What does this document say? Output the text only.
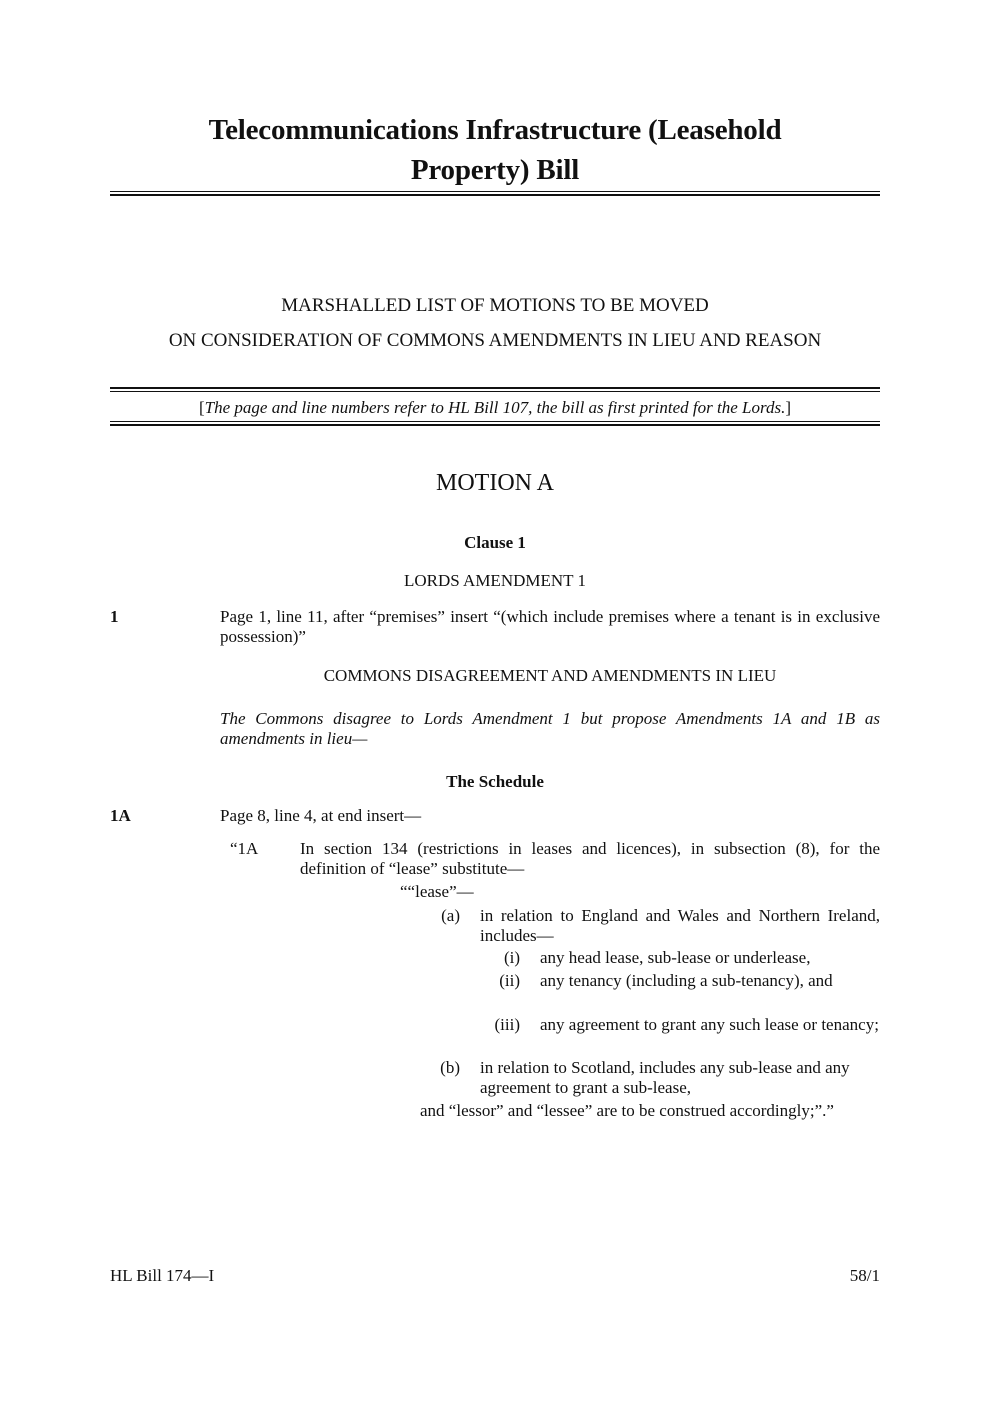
Telecommunications Infrastructure (Leasehold
Property) Bill
MARSHALLED LIST OF MOTIONS TO BE MOVED
ON CONSIDERATION OF COMMONS AMENDMENTS IN LIEU AND REASON
[The page and line numbers refer to HL Bill 107, the bill as first printed for the Lords.]
MOTION A
Clause 1
LORDS AMENDMENT 1
1	Page 1, line 11, after “premises” insert “(which include premises where a tenant is in exclusive possession)”
COMMONS DISAGREEMENT AND AMENDMENTS IN LIEU
The Commons disagree to Lords Amendment 1 but propose Amendments 1A and 1B as amendments in lieu—
The Schedule
1A	Page 8, line 4, at end insert—
“1A	In section 134 (restrictions in leases and licences), in subsection (8), for the definition of “lease” substitute—
““lease”—
(a) in relation to England and Wales and Northern Ireland, includes—
(i) any head lease, sub-lease or underlease,
(ii) any tenancy (including a sub-tenancy), and
(iii) any agreement to grant any such lease or tenancy;
(b) in relation to Scotland, includes any sub-lease and any agreement to grant a sub-lease,
and “lessor” and “lessee” are to be construed accordingly;”.”
HL Bill 174—I	58/1
